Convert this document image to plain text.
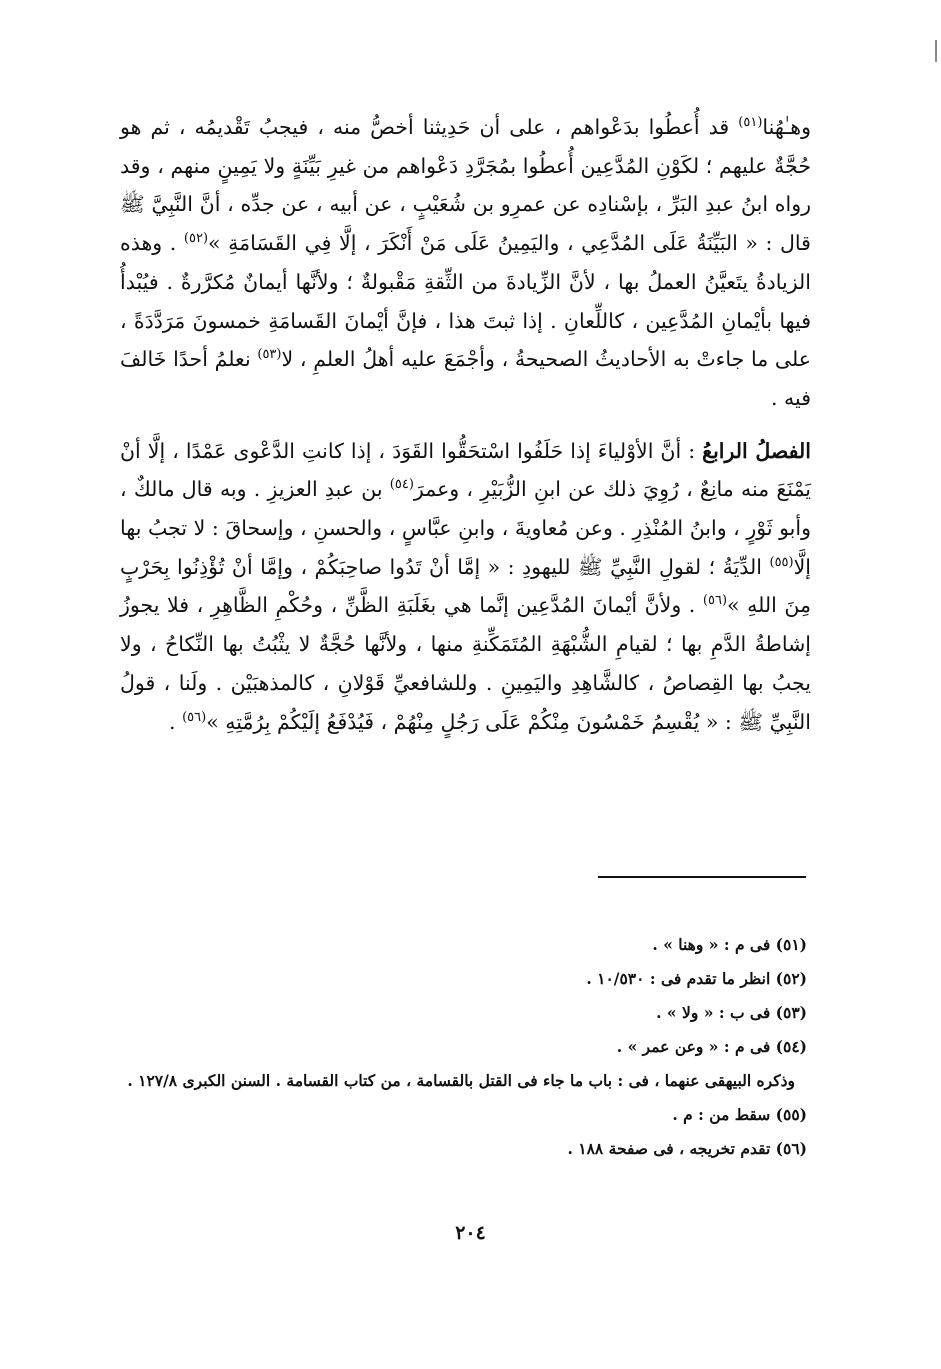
وهـٰهُنا$^{(٥١)}$ قد أُعطُوا بدَعْواهم ، على أن حَدِيثنا أخصُّ منه ، فيجبُ تَقْديمُه ، ثم هو حُجَّةٌ عليهم ؛ لكَوْنِ المُدَّعِين أُعطُوا بمُجَرَّدِ دَعْواهم من غيرِ بَيِّنَةٍ ولا يَمِينٍ منهم ، وقد رواه ابنُ عبدِ البَرِّ ، بإسْنادِه عن عمرِو بن شُعَيْبٍ ، عن أبيه ، عن جدِّه ، أنَّ النَّبِيَّ ﷺ قال : « البَيِّنَةُ عَلَى المُدَّعِي ، واليَمِينُ عَلَى مَنْ أَنْكَرَ ، إلَّا فِي القَسَامَةِ »$^{(٥٢)}$ . وهذه الزيادةُ يتَعيَّنُ العملُ بها ، لأنَّ الزِّيادةَ من الثِّقةِ مَقْبولةٌ ؛ ولأنَّها أيمانٌ مُكرَّرةٌ . فيُبْدأُ فيها بأيْمانِ المُدَّعِين ، كاللِّعانِ . إذا ثبتَ هذا ، فإنَّ أيْمانَ القَسامَةِ خمسونَ مَرَدَّدَةً ، على ما جاءتْ به الأحاديثُ الصحيحةُ ، وأجْمَعَ عليه أهلُ العلمِ ، لا$^{(٥٣)}$ نعلمُ أحدًا خَالفَ فيه .

الفصلُ الرابعُ : أنَّ الأوْلياءَ إذا حَلَفُوا اسْتحَقُّوا القَوَدَ ، إذا كانتِ الدَّعْوى عَمْدًا ، إلَّا أنْ يَمْنَعَ منه مانِعٌ ، رُوِيَ ذلك عن ابنِ الزُّبَيْرِ ، وعمرَ$^{(٥٤)}$ بن عبدِ العزيزِ . وبه قال مالكٌ ، وأبو ثَوْرٍ ، وابنُ المُنْذِرِ . وعن مُعاويةَ ، وابنِ عبَّاسٍ ، والحسنِ ، وإسحاقَ : لا تجبُ بها إلَّا$^{(٥٥)}$ الدِّيَةُ ؛ لقولِ النَّبِيِّ ﷺ لليهودِ : « إمَّا أنْ تَدُوا صاحِبَكُمْ ، وإمَّا أنْ تُؤْذِنُوا بِحَرْبٍ مِنَ اللهِ »$^{(٥٦)}$ . ولأنَّ أيْمانَ المُدَّعِين إنَّما هي بغَلَبَةِ الظَّنِّ ، وحُكْمِ الظَّاهِرِ ، فلا يجوزُ إشاطةُ الدَّمِ بها ؛ لقيامِ الشُّبْهَةِ المُتَمَكِّنةِ منها ، ولأنَّها حُجَّةٌ لا يثْبُتُ بها النِّكاحُ ، ولا يجبُ بها القِصاصُ ، كالشَّاهِدِ واليَمِينِ . وللشافعيِّ قَوْلانِ ، كالمذهبَيْن . ولَنا ، قولُ النَّبِيِّ ﷺ : « يُقْسِمُ خَمْسُونَ مِنْكُمْ عَلَى رَجُلٍ مِنْهُمْ ، فَيُدْفَعُ إلَيْكُمْ بِرُمَّتِهِ »$^{(٥٦)}$ .

(٥١) فى م : « وهنا » .
(٥٢) انظر ما تقدم فى : ١٠/٥٣٠ .
(٥٣) فى ب : « ولا » .
(٥٤) فى م : « وعن عمر » .
وذكره البيهقى عنهما ، فى : باب ما جاء فى القتل بالقسامة ، من كتاب القسامة . السنن الكبرى ١٢٧/٨ .
(٥٥) سقط من : م .
(٥٦) تقدم تخريجه ، فى صفحة ١٨٨ .
٢٠٤
